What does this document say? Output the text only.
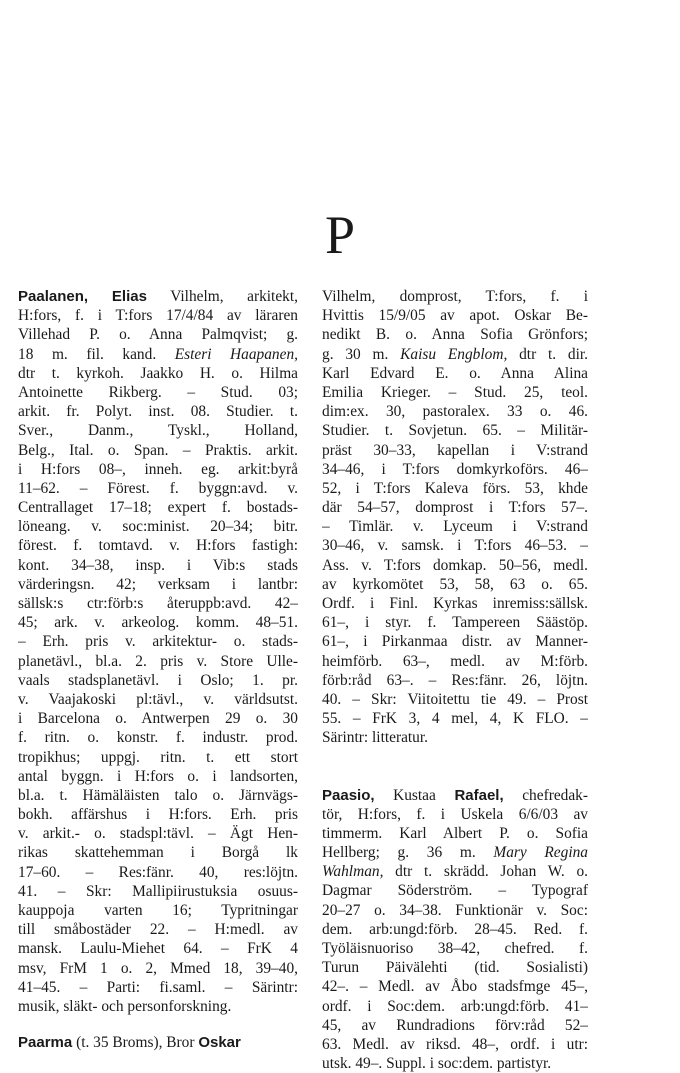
P
Paalanen, Elias Vilhelm, arkitekt,
H:fors, f. i T:fors 17/4/84 av läraren
Villehad P. o. Anna Palmqvist; g.
18 m. fil. kand. Esteri Haapanen,
dtr t. kyrkoh. Jaakko H. o. Hilma
Antoinette Rikberg. – Stud. 03;
arkit. fr. Polyt. inst. 08. Studier. t.
Sver., Danm., Tyskl., Holland,
Belg., Ital. o. Span. – Praktis. arkit.
i H:fors 08–, inneh. eg. arkit:byrå
11–62. – Förest. f. byggn:avd. v.
Centrallaget 17–18; expert f. bostads-
löneang. v. soc:minist. 20–34; bitr.
förest. f. tomtavd. v. H:fors fastigh:
kont. 34–38, insp. i Vib:s stads
värderingsn. 42; verksam i lantbr:
sällsk:s ctr:förb:s återuppb:avd. 42–
45; ark. v. arkeolog. komm. 48–51.
– Erh. pris v. arkitektur- o. stads-
planetävl., bl.a. 2. pris v. Store Ulle-
vaals stadsplanetävl. i Oslo; 1. pr.
v. Vaajakoski pl:tävl., v. världsutst.
i Barcelona o. Antwerpen 29 o. 30
f. ritn. o. konstr. f. industr. prod.
tropikhus; uppgj. ritn. t. ett stort
antal byggn. i H:fors o. i landsorten,
bl.a. t. Hämäläisten talo o. Järnvägs-
bokh. affärshus i H:fors. Erh. pris
v. arkit.- o. stadspl:tävl. – Ägt Hen-
rikas skattehemman i Borgå lk
17–60. – Res:fänr. 40, res:löjtn.
41. – Skr: Mallipiirustuksia osuus-
kauppoja varten 16; Typritningar
till småbostäder 22. – H:medl. av
mansk. Laulu-Miehet 64. – FrK 4
msv, FrM 1 o. 2, Mmed 18, 39–40,
41–45. – Parti: fi.saml. – Särintr:
musik, släkt- och personforskning.
Paarma (t. 35 Broms), Bror Oskar
Vilhelm, domprost, T:fors, f. i
Hvittis 15/9/05 av apot. Oskar Be-
nedikt B. o. Anna Sofia Grönfors;
g. 30 m. Kaisu Engblom, dtr t. dir.
Karl Edvard E. o. Anna Alina
Emilia Krieger. – Stud. 25, teol.
dim:ex. 30, pastoralex. 33 o. 46.
Studier. t. Sovjetun. 65. – Militär-
präst 30–33, kapellan i V:strand
34–46, i T:fors domkyrkoförs. 46–
52, i T:fors Kaleva förs. 53, khde
där 54–57, domprost i T:fors 57–.
– Timlär. v. Lyceum i V:strand
30–46, v. samsk. i T:fors 46–53. –
Ass. v. T:fors domkap. 50–56, medl.
av kyrkomötet 53, 58, 63 o. 65.
Ordf. i Finl. Kyrkas inremiss:sällsk.
61–, i styr. f. Tampereen Säästöp.
61–, i Pirkanmaa distr. av Manner-
heimförb. 63–, medl. av M:förb.
förb:råd 63–. – Res:fänr. 26, löjtn.
40. – Skr: Viitoitettu tie 49. – Prost
55. – FrK 3, 4 mel, 4, K FLO. –
Särintr: litteratur.
Paasio, Kustaa Rafael, chefredak-
tör, H:fors, f. i Uskela 6/6/03 av
timmerm. Karl Albert P. o. Sofia
Hellberg; g. 36 m. Mary Regina
Wahlman, dtr t. skrädd. Johan W. o.
Dagmar Söderström. – Typograf
20–27 o. 34–38. Funktionär v. Soc:
dem. arb:ungd:förb. 28–45. Red. f.
Työläisnuoriso 38–42, chefred. f.
Turun Päivälehti (tid. Sosialisti)
42–. – Medl. av Åbo stadsfmge 45–,
ordf. i Soc:dem. arb:ungd:förb. 41–
45, av Rundradions förv:råd 52–
63. Medl. av riksd. 48–, ordf. i utr:
utsk. 49–. Suppl. i soc:dem. partistyr.
